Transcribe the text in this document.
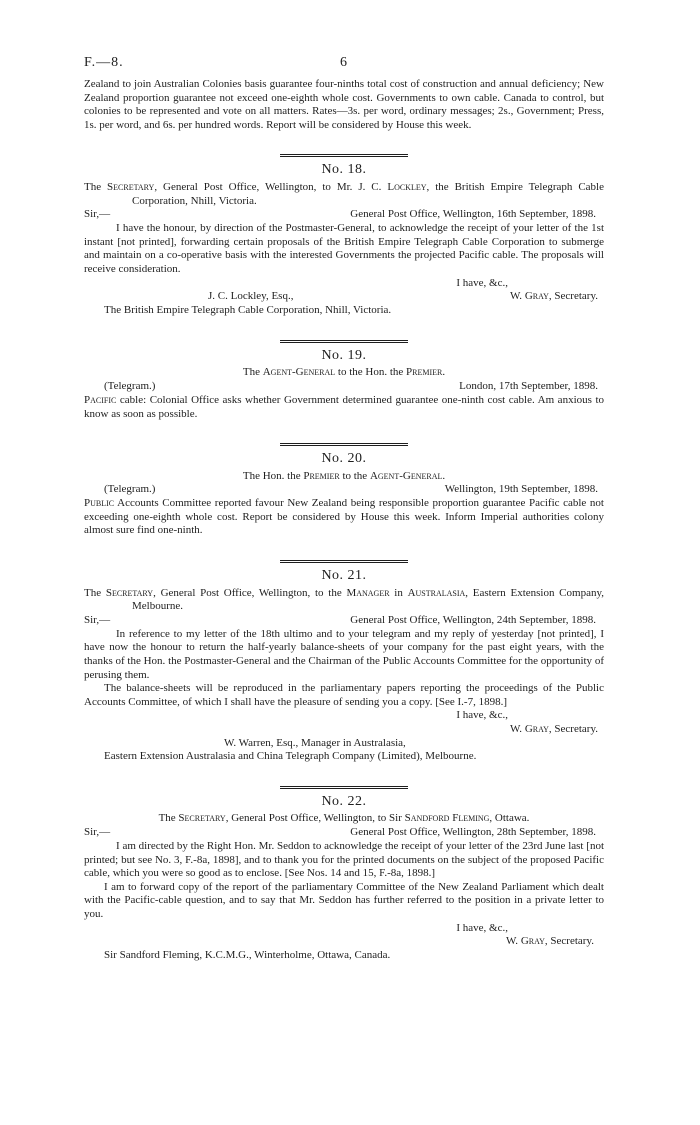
F.—8.	6

Zealand to join Australian Colonies basis guarantee four-ninths total cost of construction and annual deficiency; New Zealand proportion guarantee not exceed one-eighth whole cost. Governments to own cable. Canada to control, but colonies to be represented and vote on all matters. Rates—3s. per word, ordinary messages; 2s., Government; Press, 1s. per word, and 6s. per hundred words. Report will be considered by House this week.

No. 18.

The Secretary, General Post Office, Wellington, to Mr. J. C. Lockley, the British Empire Telegraph Cable Corporation, Nhill, Victoria.

Sir,—	General Post Office, Wellington, 16th September, 1898.

I have the honour, by direction of the Postmaster-General, to acknowledge the receipt of your letter of the 1st instant [not printed], forwarding certain proposals of the British Empire Telegraph Cable Corporation to submerge and maintain on a co-operative basis with the interested Governments the projected Pacific cable. The proposals will receive consideration.

I have, &c.,

J. C. Lockley, Esq.,	W. Gray, Secretary.

The British Empire Telegraph Cable Corporation, Nhill, Victoria.

No. 19.

The Agent-General to the Hon. the Premier.

(Telegram.)	London, 17th September, 1898.

Pacific cable: Colonial Office asks whether Government determined guarantee one-ninth cost cable. Am anxious to know as soon as possible.

No. 20.

The Hon. the Premier to the Agent-General.

(Telegram.)	Wellington, 19th September, 1898.

Public Accounts Committee reported favour New Zealand being responsible proportion guarantee Pacific cable not exceeding one-eighth whole cost. Report be considered by House this week. Inform Imperial authorities colony almost sure find one-ninth.

No. 21.

The Secretary, General Post Office, Wellington, to the Manager in Australasia, Eastern Extension Company, Melbourne.

Sir,—	General Post Office, Wellington, 24th September, 1898.

In reference to my letter of the 18th ultimo and to your telegram and my reply of yesterday [not printed], I have now the honour to return the half-yearly balance-sheets of your company for the past eight years, with the thanks of the Hon. the Postmaster-General and the Chairman of the Public Accounts Committee for the opportunity of perusing them.

The balance-sheets will be reproduced in the parliamentary papers reporting the proceedings of the Public Accounts Committee, of which I shall have the pleasure of sending you a copy. [See I.-7, 1898.]

I have, &c.,

W. Gray, Secretary.

W. Warren, Esq., Manager in Australasia,

Eastern Extension Australasia and China Telegraph Company (Limited), Melbourne.

No. 22.

The Secretary, General Post Office, Wellington, to Sir Sandford Fleming, Ottawa.

Sir,—	General Post Office, Wellington, 28th September, 1898.

I am directed by the Right Hon. Mr. Seddon to acknowledge the receipt of your letter of the 23rd June last [not printed; but see No. 3, F.-8a, 1898], and to thank you for the printed documents on the subject of the proposed Pacific cable, which you were so good as to enclose. [See Nos. 14 and 15, F.-8a, 1898.]

I am to forward copy of the report of the parliamentary Committee of the New Zealand Parliament which dealt with the Pacific-cable question, and to say that Mr. Seddon has further referred to the position in a private letter to you.

I have, &c.,

W. Gray, Secretary.

Sir Sandford Fleming, K.C.M.G., Winterholme, Ottawa, Canada.
